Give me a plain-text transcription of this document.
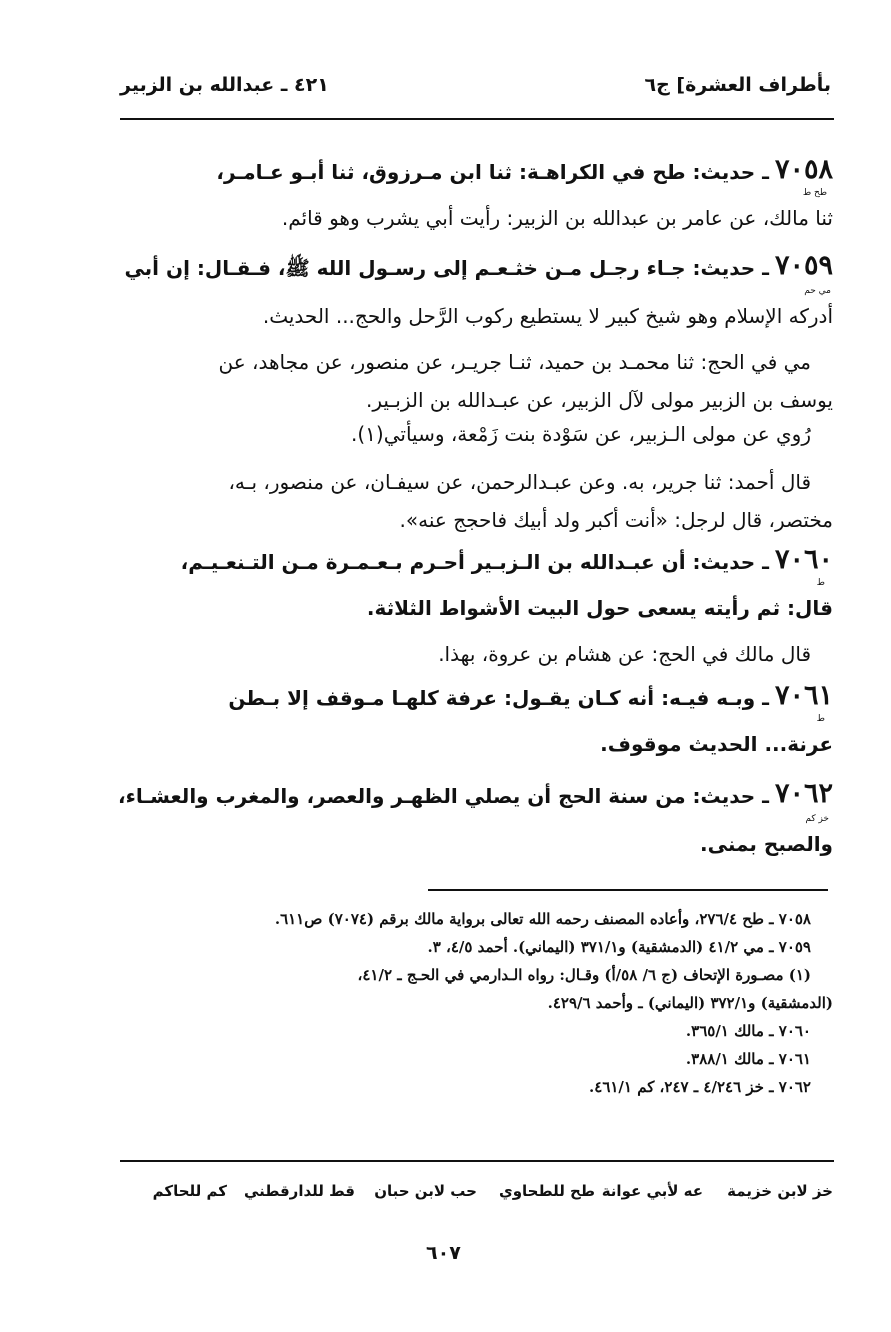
بأطراف العشرة] ج٦
٤٢١ ـ عبدالله بن الزبير
٧٠٥٨
ـ حديث: طح في الكراهـة: ثنا ابن مـرزوق، ثنا أبـو عـامـر،
طح ط
ثنا مالك، عن عامر بن عبدالله بن الزبير: رأيت أبي يشرب وهو قائم.
٧٠٥٩
ـ حديث: جـاء رجـل مـن خثـعـم إلى رسـول الله ﷺ، فـقـال: إن أبي
مي حم
أدركه الإسلام وهو شيخ كبير لا يستطيع ركوب الرَّحل والحج... الحديث.
مي في الحج: ثنا محمـد بن حميد، ثنـا جريـر، عن منصور، عن مجاهد، عن
يوسف بن الزبير مولى لآل الزبير، عن عبـدالله بن الزبـير.
رُوي عن مولى الـزبير، عن سَوْدة بنت زَمْعة، وسيأتي(١).
قال أحمد: ثنا جرير، به. وعن عبـدالرحمن، عن سيفـان، عن منصور، بـه،
مختصر، قال لرجل: «أنت أكبر ولد أبيك فاحجج عنه».
٧٠٦٠
ـ حديث: أن عبـدالله بن الـزبـير أحـرم بـعـمـرة مـن التـنعـيـم،
ط
قال: ثم رأيته يسعى حول البيت الأشواط الثلاثة.
قال مالك في الحج: عن هشام بن عروة، بهذا.
٧٠٦١
ـ وبـه فيـه: أنه كـان يقـول: عرفة كلهـا مـوقف إلا بـطن
ط
عرنة... الحديث موقوف.
٧٠٦٢
ـ حديث: من سنة الحج أن يصلي الظهـر والعصر، والمغرب والعشـاء،
خز كم
والصبح بمنى.
٧٠٥٨ ـ طح ٢٧٦/٤، وأعاده المصنف رحمه الله تعالى برواية مالك برقم (٧٠٧٤) ص٦١١.
٧٠٥٩ ـ مي ٤١/٢ (الدمشقية) و٣٧١/١ (اليماني). أحمد ٤/٥، ٣.
(١) مصـورة الإتحاف (ج ٦/ ٥٨/أ) وقـال: رواه الـدارمي في الحـج ـ ٤١/٢،
(الدمشقية) و٣٧٢/١ (اليماني) ـ وأحمد ٤٢٩/٦.
٧٠٦٠ ـ مالك ٣٦٥/١.
٧٠٦١ ـ مالك ٣٨٨/١.
٧٠٦٢ ـ خز ٤/٢٤٦ ـ ٢٤٧، كم ٤٦١/١.
خز لابن خزيمة
عه لأبي عوانة
طح للطحاوي
حب لابن حبان
قط للدارقطني
كم للحاكم
٦٠٧
